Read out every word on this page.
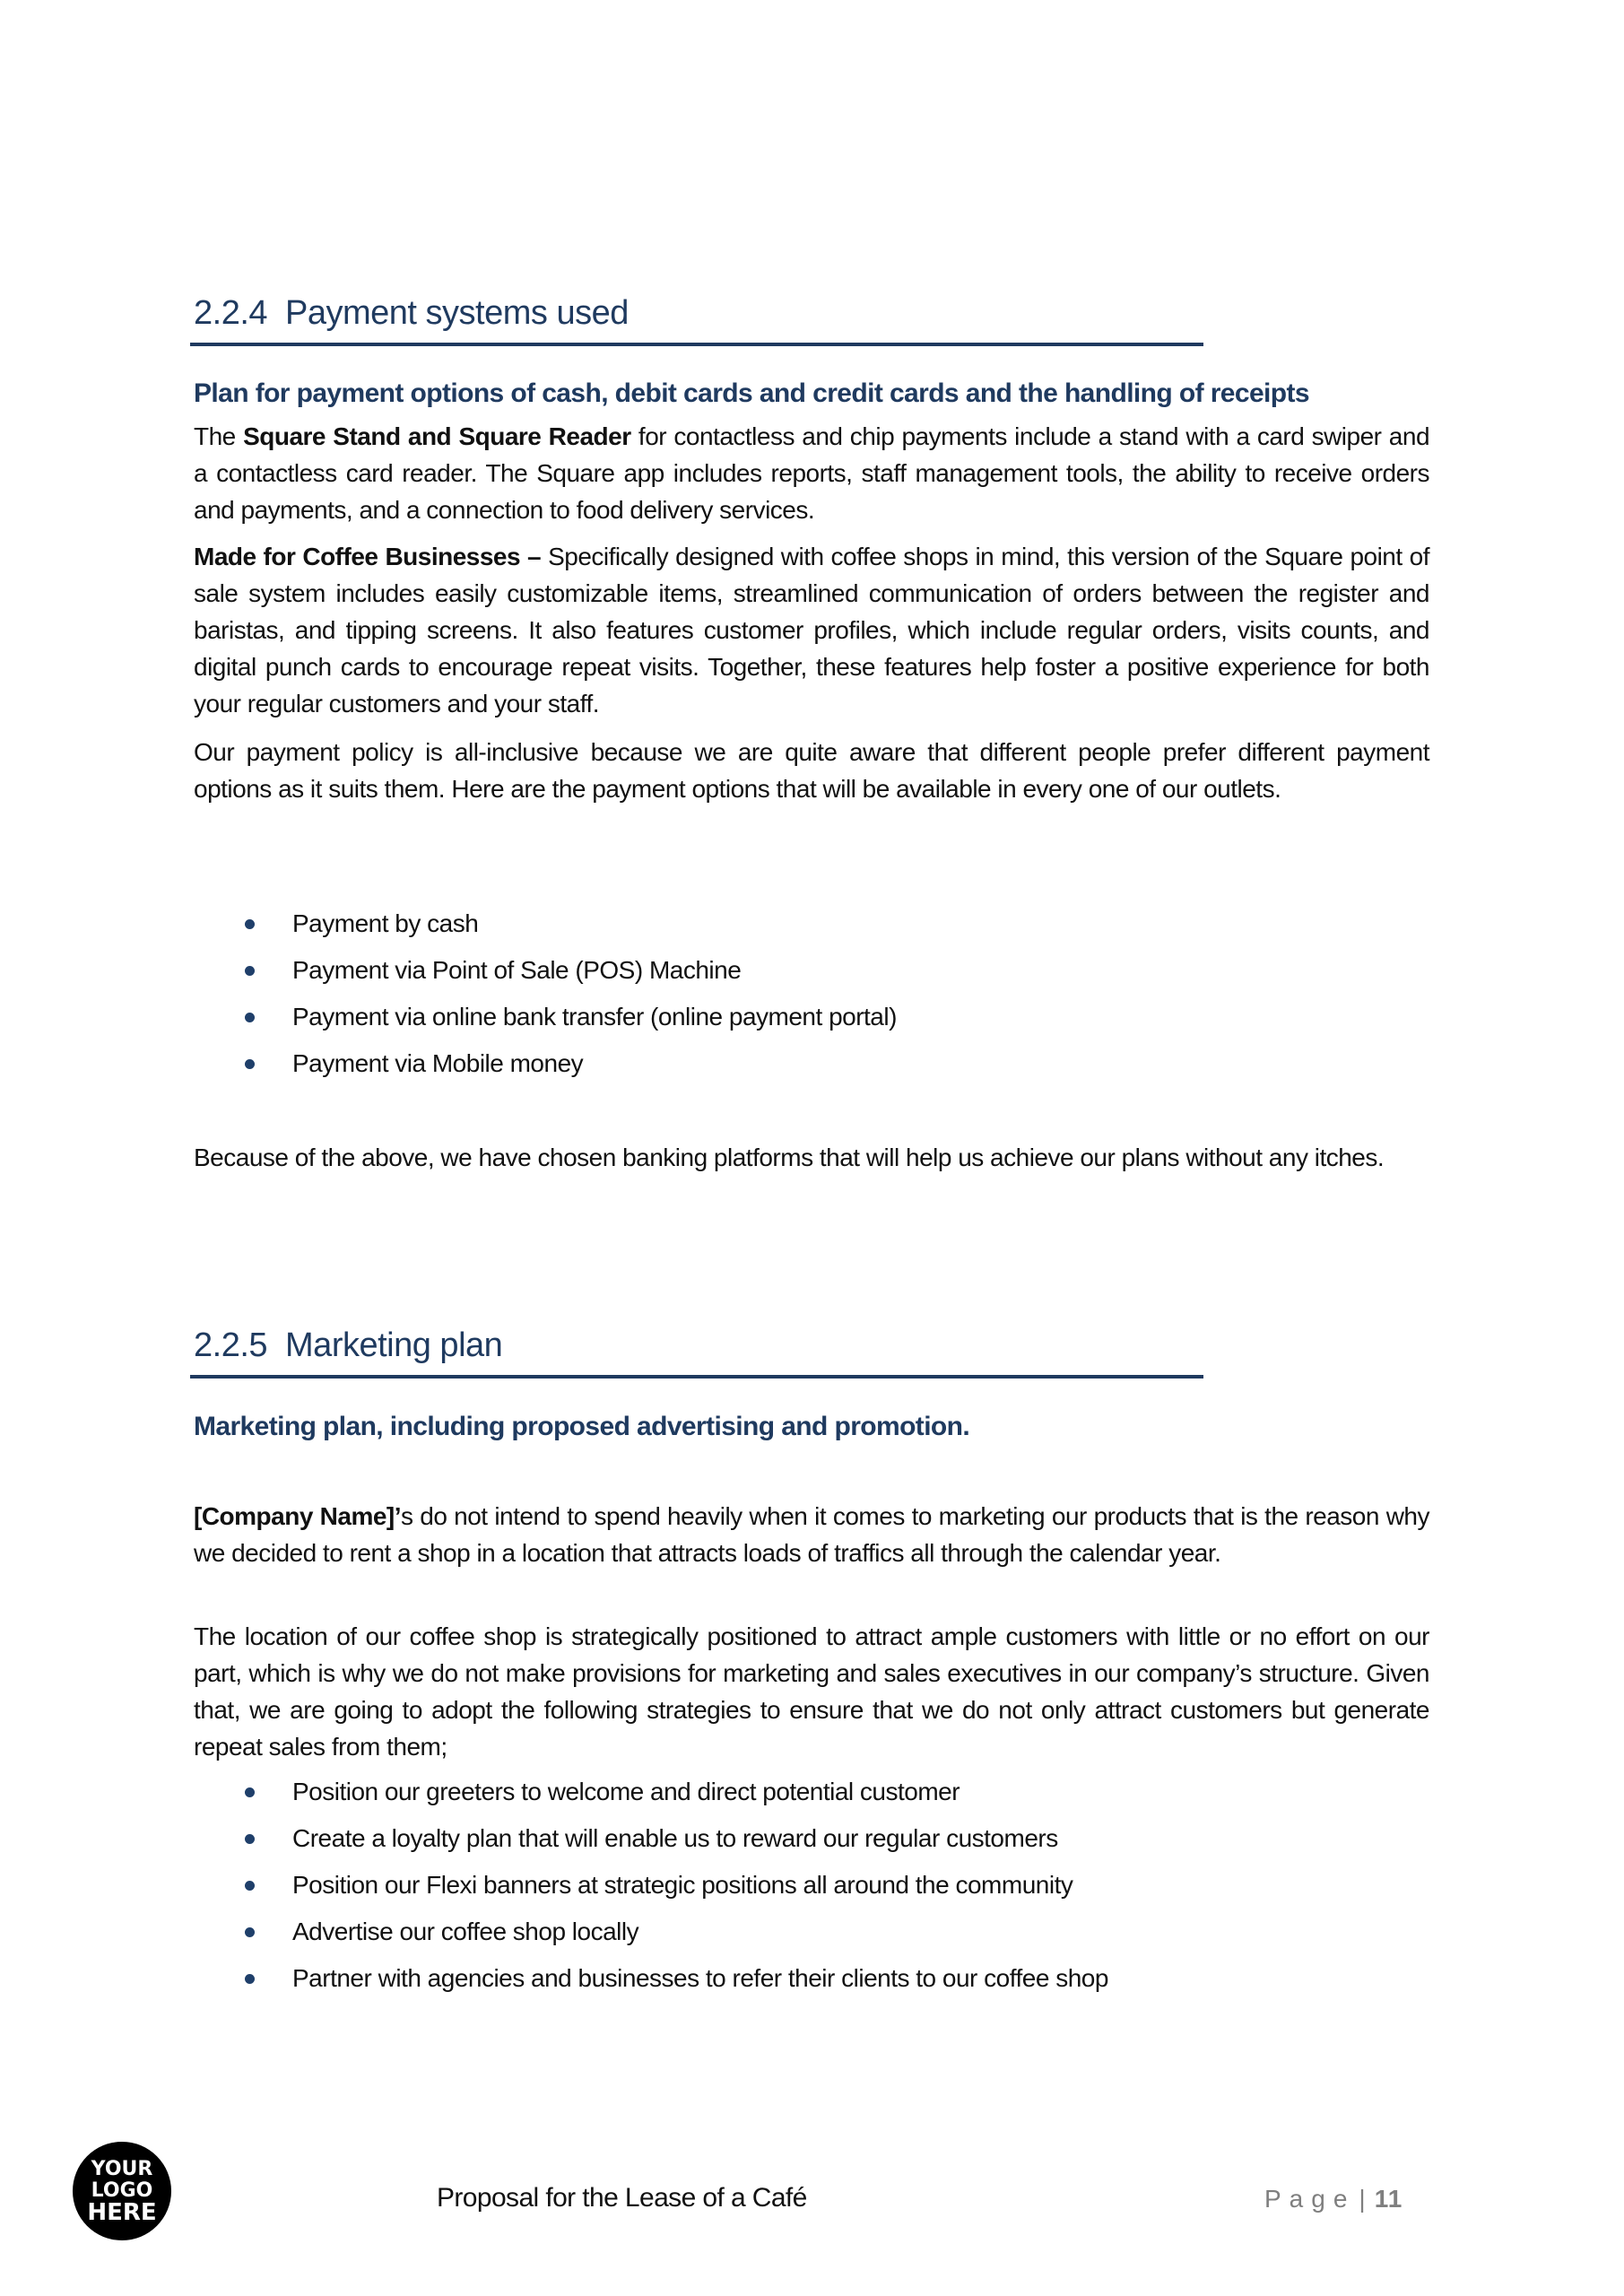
2.2.4 Payment systems used
Plan for payment options of cash, debit cards and credit cards and the handling of receipts
The Square Stand and Square Reader for contactless and chip payments include a stand with a card swiper and a contactless card reader. The Square app includes reports, staff management tools, the ability to receive orders and payments, and a connection to food delivery services.
Made for Coffee Businesses – Specifically designed with coffee shops in mind, this version of the Square point of sale system includes easily customizable items, streamlined communication of orders between the register and baristas, and tipping screens. It also features customer profiles, which include regular orders, visits counts, and digital punch cards to encourage repeat visits. Together, these features help foster a positive experience for both your regular customers and your staff.
Our payment policy is all-inclusive because we are quite aware that different people prefer different payment options as it suits them. Here are the payment options that will be available in every one of our outlets.
Payment by cash
Payment via Point of Sale (POS) Machine
Payment via online bank transfer (online payment portal)
Payment via Mobile money
Because of the above, we have chosen banking platforms that will help us achieve our plans without any itches.
2.2.5 Marketing plan
Marketing plan, including proposed advertising and promotion.
[Company Name]’s do not intend to spend heavily when it comes to marketing our products that is the reason why we decided to rent a shop in a location that attracts loads of traffics all through the calendar year.
The location of our coffee shop is strategically positioned to attract ample customers with little or no effort on our part, which is why we do not make provisions for marketing and sales executives in our company’s structure. Given that, we are going to adopt the following strategies to ensure that we do not only attract customers but generate repeat sales from them;
Position our greeters to welcome and direct potential customer
Create a loyalty plan that will enable us to reward our regular customers
Position our Flexi banners at strategic positions all around the community
Advertise our coffee shop locally
Partner with agencies and businesses to refer their clients to our coffee shop
YOUR
LOGO
HERE	Proposal for the Lease of a Café	Page | 11
